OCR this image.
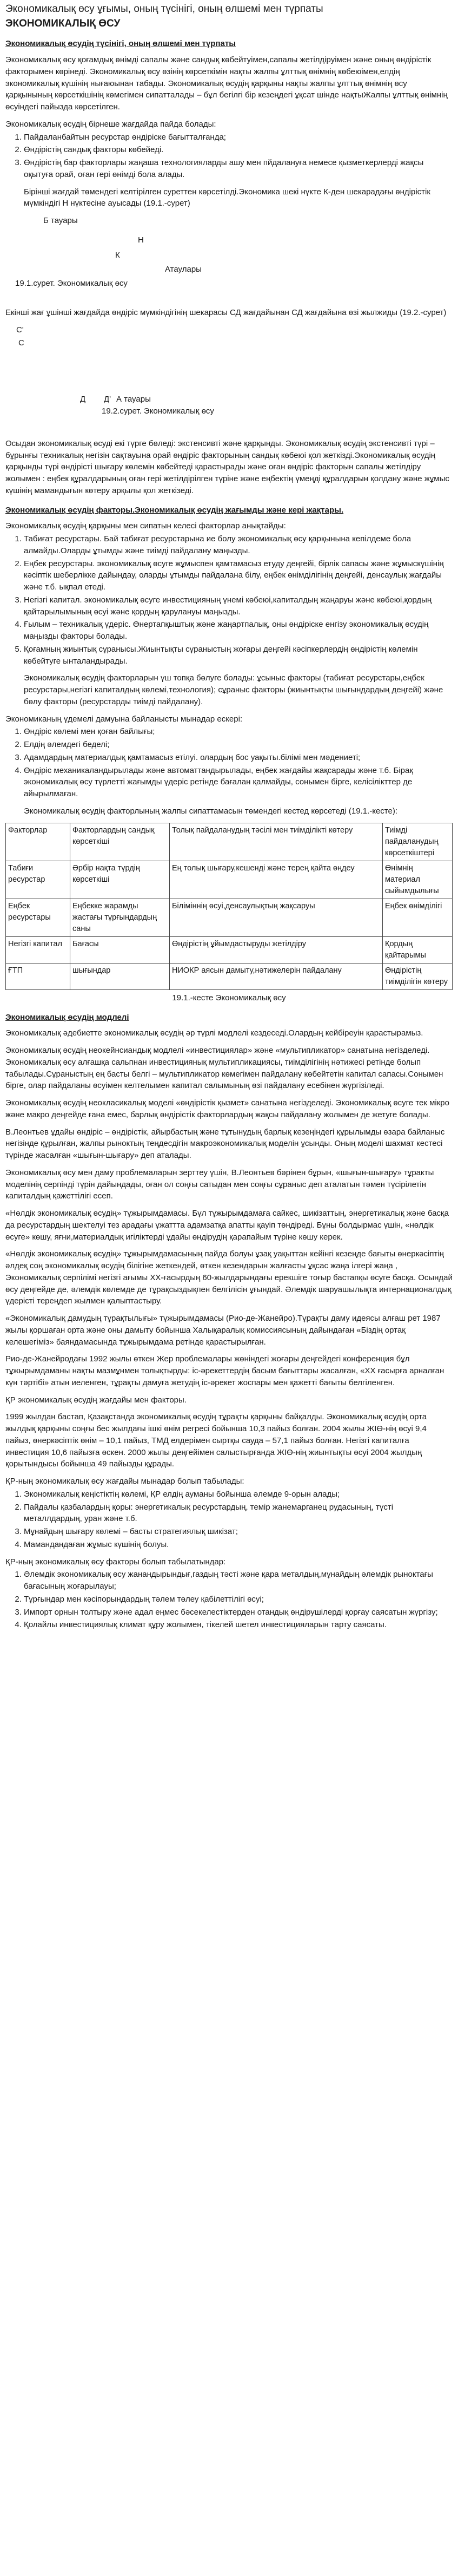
Экономикалық өсу ұғымы, оның түсінігі, оның өлшемі мен түрпаты
ЭКОНОМИКАЛЫҚ ӨСУ

Экономикалық өсудің түсінігі, оның өлшемі мен түрпаты

Экономикалық өсу қоғамдық өнімді сапалы және сандық көбейтуімен,сапалы жетілдіруімен және оның өндірістік факторымен көрінеді. Экономикалық өсу өзінің көрсеткімін нақты жалпы ұлттық өнімнің көбеюімен,елдің экономикалық күшінің нығаюынан табады. Экономикалық өсудің қарқыны нақты жалпы ұлттық өнімнің өсу қарқынының көрсеткішінің көмегімен сипатталады – бұл бегілгі бір кезеңдегі ұқсат шінде нақтыЖалпы ұлттық өнімнің өсуіндегі пайызда көрсетілген.

Экономикалық өсудің бірнеше жағдайда пайда болады:

1. Пайдаланбайтын ресурстар өндіріске бағытталғанда;
2. Өндірістің сандық факторы көбейеді.
3. Өндірістің бар факторлары жаңаша технологияларды ашу мен пйдалануға немесе қызметкерлерді жақсы оқытуға орай, оған гері өнімді бола алады.

Бірінші жағдай төмендегі келтірілген суреттен көрсетілді.Экономика шекі нүкте К-ден шекарадағы өндірістік мүмкіндігі Н нүктесіне ауысады (19.1.-сурет)

Б тауары
Н
К
Атаулары
19.1.сурет. Экономикалық өсу

Екінші жағ ұшінші жағдайда өндіріс мүмкіндігінің шекарасы СД жағдайынан СД жағдайына өзі жылжиды (19.2.-сурет)

С'
С
Д Д' А тауары
19.2.сурет. Экономикалық өсу

Осыдан экономикалық өсуді екі түрге бөледі: экстенсивті және қарқынды. Экономикалық өсудің экстенсивті түрі – бұрынғы техникалық негізін сақтауына орай өндіріс факторының сандық көбеюі қол жеткізді.Экономикалық өсудің қарқынды түрі өндірісті шығару көлемін көбейтеді қарастырады және оған өндіріс факторын сапалы жетілдіру жолымен : еңбек құралдарының оған гері жетілдірілген түріне және еңбектің үмеңді құралдарын қолдану және жұмыс күшінің мамандығын көтеру арқылы қол жеткізеді.

Экономикалық өсудің факторы.Экономикалық өсудің жағымды және кері жақтары.

Экономикалық өсудің қарқыны мен сипатын келесі факторлар анықтайды:

1. Табиғат ресурстары. Бай табиғат ресурстарына ие болу экономикалық өсу қарқынына кепілдеме бола алмайды.Оларды ұтымды және тиімді пайдалану маңызды.
2. Еңбек ресурстары. экономикалық өсуге жұмыспен қамтамасыз етуду деңгейі, бірлік сапасы және жұмыскүшінің кәсіптік шеберлікке дайындау, оларды ұтымды пайдалана білу, еңбек өнімділігінің деңгейі, денсаулық жағдайы және т.б. ықпал етеді.
3. Негізгі капитал. экономикалық өсуге инвестицияның үнемі көбеюі,капиталдың жаңаруы және көбеюі,қордың қайтарылымының өсуі және қордың қарулануы маңызды.
4. Ғылым – техникалық үдеріс. Өнертапқыштық және жаңартпалық, оны өндіріске енгізу экономикалық өсудің маңызды факторы болады.
5. Қоғамның жиынтық сұранысы.Жиынтықты сұраныстың жоғары деңгейі кәсіпкерлердің өндірістің көлемін көбейтуге ынталандырады.

Экономикалық өсудің факторларын үш топқа бөлуге болады: ұсыныс факторы (табиғат ресурстары,еңбек ресурстары,негізгі капиталдың көлемі,технология); сұраныс факторы (жиынтықты шығындардың деңгейі) және бөлу факторы (ресурстарды тиімді пайдалану).

Экономиканың үдемелі дамуына байланысты мынадар ескері:

1. Өндіріс көлемі мен қоған байлығы;
2. Елдің әлемдегі беделі;
3. Адамдардың материалдық қамтамасыз етілуі. олардың бос уақыты.білімі мен мәдениеті;
4. Өндіріс механикаландырылады және автоматтандырылады, еңбек жағдайы жақсарады және т.б. Бірақ экономикалық өсу түрлетті жағымды үдеріс ретінде бағалан қалмайды, сонымен бірге, келісілікттер де айырылмаған.

Экономикалық өсудің факторлының жалпы сипаттамасын төмендегі кестед көрсетеді (19.1.-кесте):

Факторлар	Факторлардың сандық көрсеткіші	Толық пайдаланудың тәсілі мен тиімділікті көтеру	Тиімді пайдаланудың көрсеткіштері
Табиғи ресурстар	Әрбір нақта түрдің көрсеткіші	Ең толық шығару,кешенді және терең қайта өңдеу	Өнімнің материал сыйымдылығы
Еңбек ресурстары	Еңбекке жарамды жастағы тұрғындардың саны	Біліміннің өсуі,денсаулықтың жақсаруы	Еңбек өнімділігі
Негізгі капитал	Бағасы	Өндірістің ұйымдастыруды жетілдіру	Қордың қайтарымы
ҒТП	шығындар	НИОКР аясын дамыту,нәтижелерін пайдалану	Өндірістің тиімділігін көтеру

19.1.-кесте Экономикалық өсу

Экономикалық өсудің модлелі

Экономикалық әдебиетте экономикалық өсудің әр түрлі модлелі кездеседі.Олардың кейбіреуін қарастырамыз.

Экономикалық өсудің неокейнсиандық модлелі «инвестициялар» және «мультипликатор» санатына негізделеді. Экономикалық өсу алғашқа сальпнан инвестициянық мультипликациясы, тиімділігінің нәтижесі ретінде болып табылады.Сұраныстың ең басты белгі – мультипликатор көмегімен пайдалану көбейтетін капитал сапасы.Сонымен бірге, олар пайдаланы өсуімен келтелымен капитал салымының өзі пайдалану есебінен жүргізіледі.

Экономикалық өсудің неокласикалық моделі «өндірістік қызмет» санатына негізделеді. Экономикалық өсуге тек мікро және макро деңгейде ғана емес, барлық өндірістік факторлардың жақсы пайдалану жолымен де жетуге болады.

В.Леонтьев ұдайы өндіріс – өндірістік, айырбастың және тұтынудың барлық кезеңіндегі құрылымды өзара байланыс негізінде құрылған, жалпы рыноктың теңдесдігін макроэкономикалық моделін ұсынды. Оның моделі шахмат кестесі түрінде жасалған «шығын-шығару» деп аталады.

Экономикалық өсу мен даму проблемаларын зерттеу үшін, В.Леонтьев бәрінен бұрын, «шығын-шығару» тұракты моделінің серпінді түрін дайындады, оған ол соңғы сатыдан мен соңғы сұраныс деп аталатын тәмен түсірілетін капиталдың қажеттілігі есеп.

«Нөлдік экономикалық өсудің» тұжырымдамасы. Бұл тұжырымдамаға сайкес, шикізаттың, энергетикалық және басқа да ресурстардың шектелуі тез арадағы ұжаттта адамзатқа апатты қауіп төндіреді. Бұны болдырмас үшін, «нөлдік өсуге» көшу, яғни,материалдық игіліктерді ұдайы өндірудің қарапайым түріне көшу керек.

«Нөлдік экономикалық өсудің» тұжырымдамасының пайда болуы ұзақ уақыттан кейінгі кезеңде бағыты өнеркәсіптің әлдеқ соң экономикалық өсудің білігіне жеткендей, өткен кезендарын жалғасты ұқсас жаңа ілгері жаңа , Экономикалық серпілімі негізгі ағымы XX-ғасырдың 60-жылдарындағы ерекшіге тоғыр бастапқы өсуге басқа. Осындай өсу деңгейде де, әлемдік көлемде де тұрақсыздықпен белгілісін ұғындай. Әлемдік шаруашылықта интернационалдық үдерісті тереңдеп жылмен қалыптастыру.

«Экономикалық дамудың тұрақтылығы» тұжырымдамасы (Рио-де-Жанейро).Тұрақты даму идеясы алғаш рет 1987 жылы қоршаған орта және оны дамыту бойынша Халықаралық комиссиясының дайындаған «Біздің ортақ келешегіміз» баяндамасында тұжырымдама ретінде қарастырылған.

Рио-де-Жанейродағы 1992 жылы өткен Жер проблемалары жөніндегі жоғары деңгейдегі конференция бұл тұжырымдаманы нақты мазмұнмен толықтырды: іс-әрекеттердің басым бағыттары жасалған, «XX ғасырға арналған күн тәртібі» атын иеленген, тұрақты дамуға жетудің іс-әрекет жоспары мен қажетті бағыты белгіленген.

ҚР экономикалық өсудің жағдайы мен факторы.

1999 жылдан бастап, Қазақстанда экономикалық өсудің тұрақты қарқыны байқалды. Экономикалық өсудің орта жылдық қарқыны соңғы бес жылдағы ішкі өнім регресі бойынша 10,3 пайыз болған. 2004 жылы ЖІӨ-нің өсуі 9,4 пайыз, өнеркәсіптік өнім – 10,1 пайыз, ТМД елдерімен сыртқы сауда – 57,1 пайыз болған. Негізгі капиталға инвестиция 10,6 пайызға өскен. 2000 жылы деңгейімен салыстырғанда ЖІӨ-нің жиынтықты өсуі 2004 жылдың қорытындысы бойынша 49 пайызды құрады.

ҚР-ның экономикалық өсу жағдайы мынадар болып табылады:

1. Экономикалық кеңістіктің көлемі, ҚР елдің ауманы бойынша әлемде 9-орын алады;
2. Пайдалы қазбалардың қоры: энергетикалық ресурстардың, темір жанемарганец рудасының, түсті металлдардың, уран және т.б.
3. Мұнайдың шығару көлемі – басты стратегиялық шикізат;
4. Мамандандаған жұмыс күшінің болуы.

ҚР-ның экономикалық өсу факторы болып табылатындар:

1. Әлемдік экономикалық өсу жанандырындығ,газдың тәсті және қара металдың,мұнайдың әлемдік рыноктағы бағасының жоғарылауы;
2. Тұрғындар мен кәсіпорындардың тәлем төлеу қабілеттілігі өсуі;
3. Импорт орнын толтыру және адал еңмес бәсекелестіктерден отандық өндірушілерді қорғау саясатын жүргізу;
4. Қолайлы инвестициялық климат құру жолымен, тікелей шетел инвестицияларын тарту саясаты.
